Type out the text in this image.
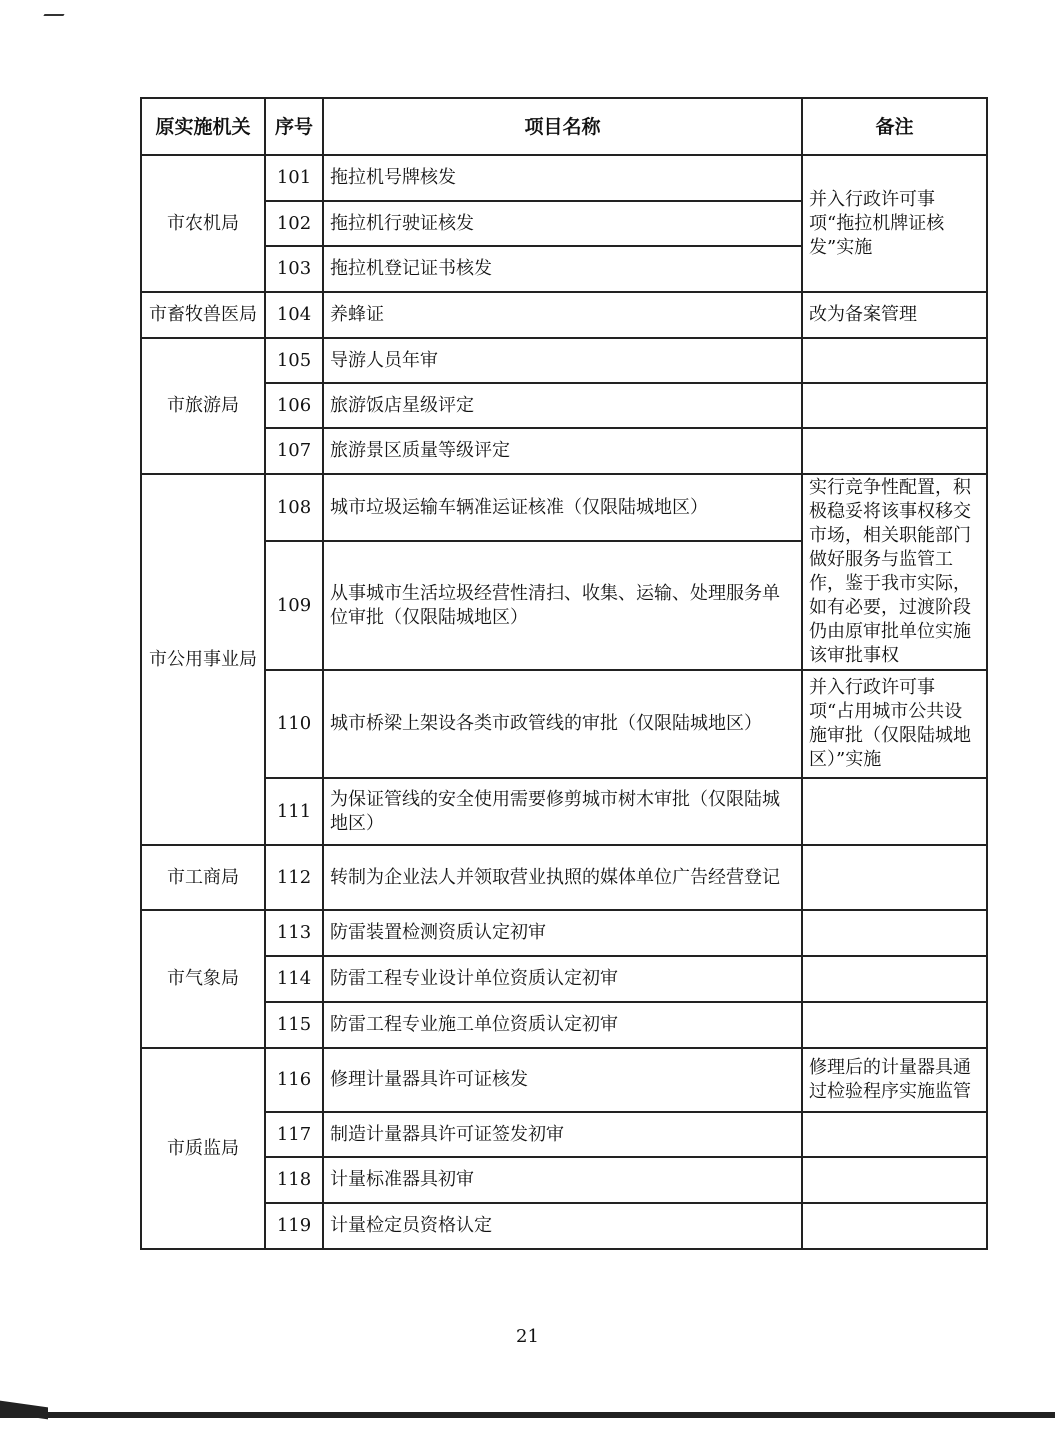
原实施机关	序号	项目名称	备注
市农机局	101	拖拉机号牌核发	并入行政许可事项“拖拉机牌证核发”实施
	102	拖拉机行驶证核发	
	103	拖拉机登记证书核发	
市畜牧兽医局	104	养蜂证	改为备案管理
市旅游局	105	导游人员年审	
	106	旅游饭店星级评定	
	107	旅游景区质量等级评定	
市公用事业局	108	城市垃圾运输车辆准运证核准（仅限陆城地区）	实行竞争性配置，积极稳妥将该事权移交市场，相关职能部门做好服务与监管工作，鉴于我市实际，如有必要，过渡阶段仍由原审批单位实施该审批事权
	109	从事城市生活垃圾经营性清扫、收集、运输、处理服务单位审批（仅限陆城地区）	
	110	城市桥梁上架设各类市政管线的审批（仅限陆城地区）	并入行政许可事项“占用城市公共设施审批（仅限陆城地区）”实施
	111	为保证管线的安全使用需要修剪城市树木审批（仅限陆城地区）	
市工商局	112	转制为企业法人并领取营业执照的媒体单位广告经营登记	
市气象局	113	防雷装置检测资质认定初审	
	114	防雷工程专业设计单位资质认定初审	
	115	防雷工程专业施工单位资质认定初审	
市质监局	116	修理计量器具许可证核发	修理后的计量器具通过检验程序实施监管
	117	制造计量器具许可证签发初审	
	118	计量标准器具初审	
	119	计量检定员资格认定	
21
